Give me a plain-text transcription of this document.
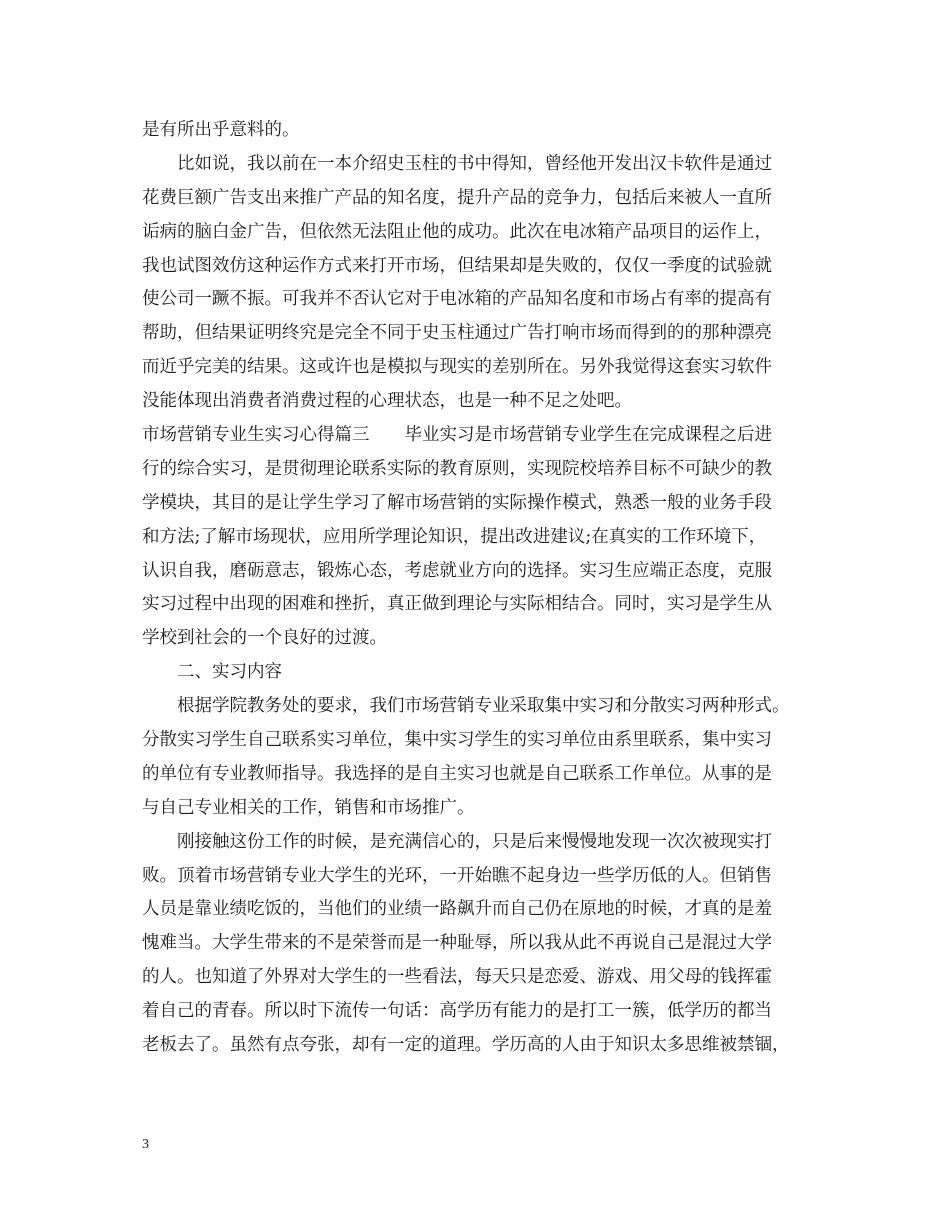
是有所出乎意料的。
比如说，我以前在一本介绍史玉柱的书中得知，曾经他开发出汉卡软件是通过
花费巨额广告支出来推广产品的知名度，提升产品的竞争力，包括后来被人一直所
诟病的脑白金广告，但依然无法阻止他的成功。此次在电冰箱产品项目的运作上，
我也试图效仿这种运作方式来打开市场，但结果却是失败的，仅仅一季度的试验就
使公司一蹶不振。可我并不否认它对于电冰箱的产品知名度和市场占有率的提高有
帮助，但结果证明终究是完全不同于史玉柱通过广告打响市场而得到的的那种漂亮
而近乎完美的结果。这或许也是模拟与现实的差别所在。另外我觉得这套实习软件
没能体现出消费者消费过程的心理状态，也是一种不足之处吧。
市场营销专业生实习心得篇三　　毕业实习是市场营销专业学生在完成课程之后进
行的综合实习，是贯彻理论联系实际的教育原则，实现院校培养目标不可缺少的教
学模块，其目的是让学生学习了解市场营销的实际操作模式，熟悉一般的业务手段
和方法;了解市场现状，应用所学理论知识，提出改进建议;在真实的工作环境下，
认识自我，磨砺意志，锻炼心态，考虑就业方向的选择。实习生应端正态度，克服
实习过程中出现的困难和挫折，真正做到理论与实际相结合。同时，实习是学生从
学校到社会的一个良好的过渡。
二、实习内容
根据学院教务处的要求，我们市场营销专业采取集中实习和分散实习两种形式。
分散实习学生自己联系实习单位，集中实习学生的实习单位由系里联系，集中实习
的单位有专业教师指导。我选择的是自主实习也就是自己联系工作单位。从事的是
与自己专业相关的工作，销售和市场推广。
刚接触这份工作的时候，是充满信心的，只是后来慢慢地发现一次次被现实打
败。顶着市场营销专业大学生的光环，一开始瞧不起身边一些学历低的人。但销售
人员是靠业绩吃饭的，当他们的业绩一路飙升而自己仍在原地的时候，才真的是羞
愧难当。大学生带来的不是荣誉而是一种耻辱，所以我从此不再说自己是混过大学
的人。也知道了外界对大学生的一些看法，每天只是恋爱、游戏、用父母的钱挥霍
着自己的青春。所以时下流传一句话：高学历有能力的是打工一簇，低学历的都当
老板去了。虽然有点夸张，却有一定的道理。学历高的人由于知识太多思维被禁锢，
3
